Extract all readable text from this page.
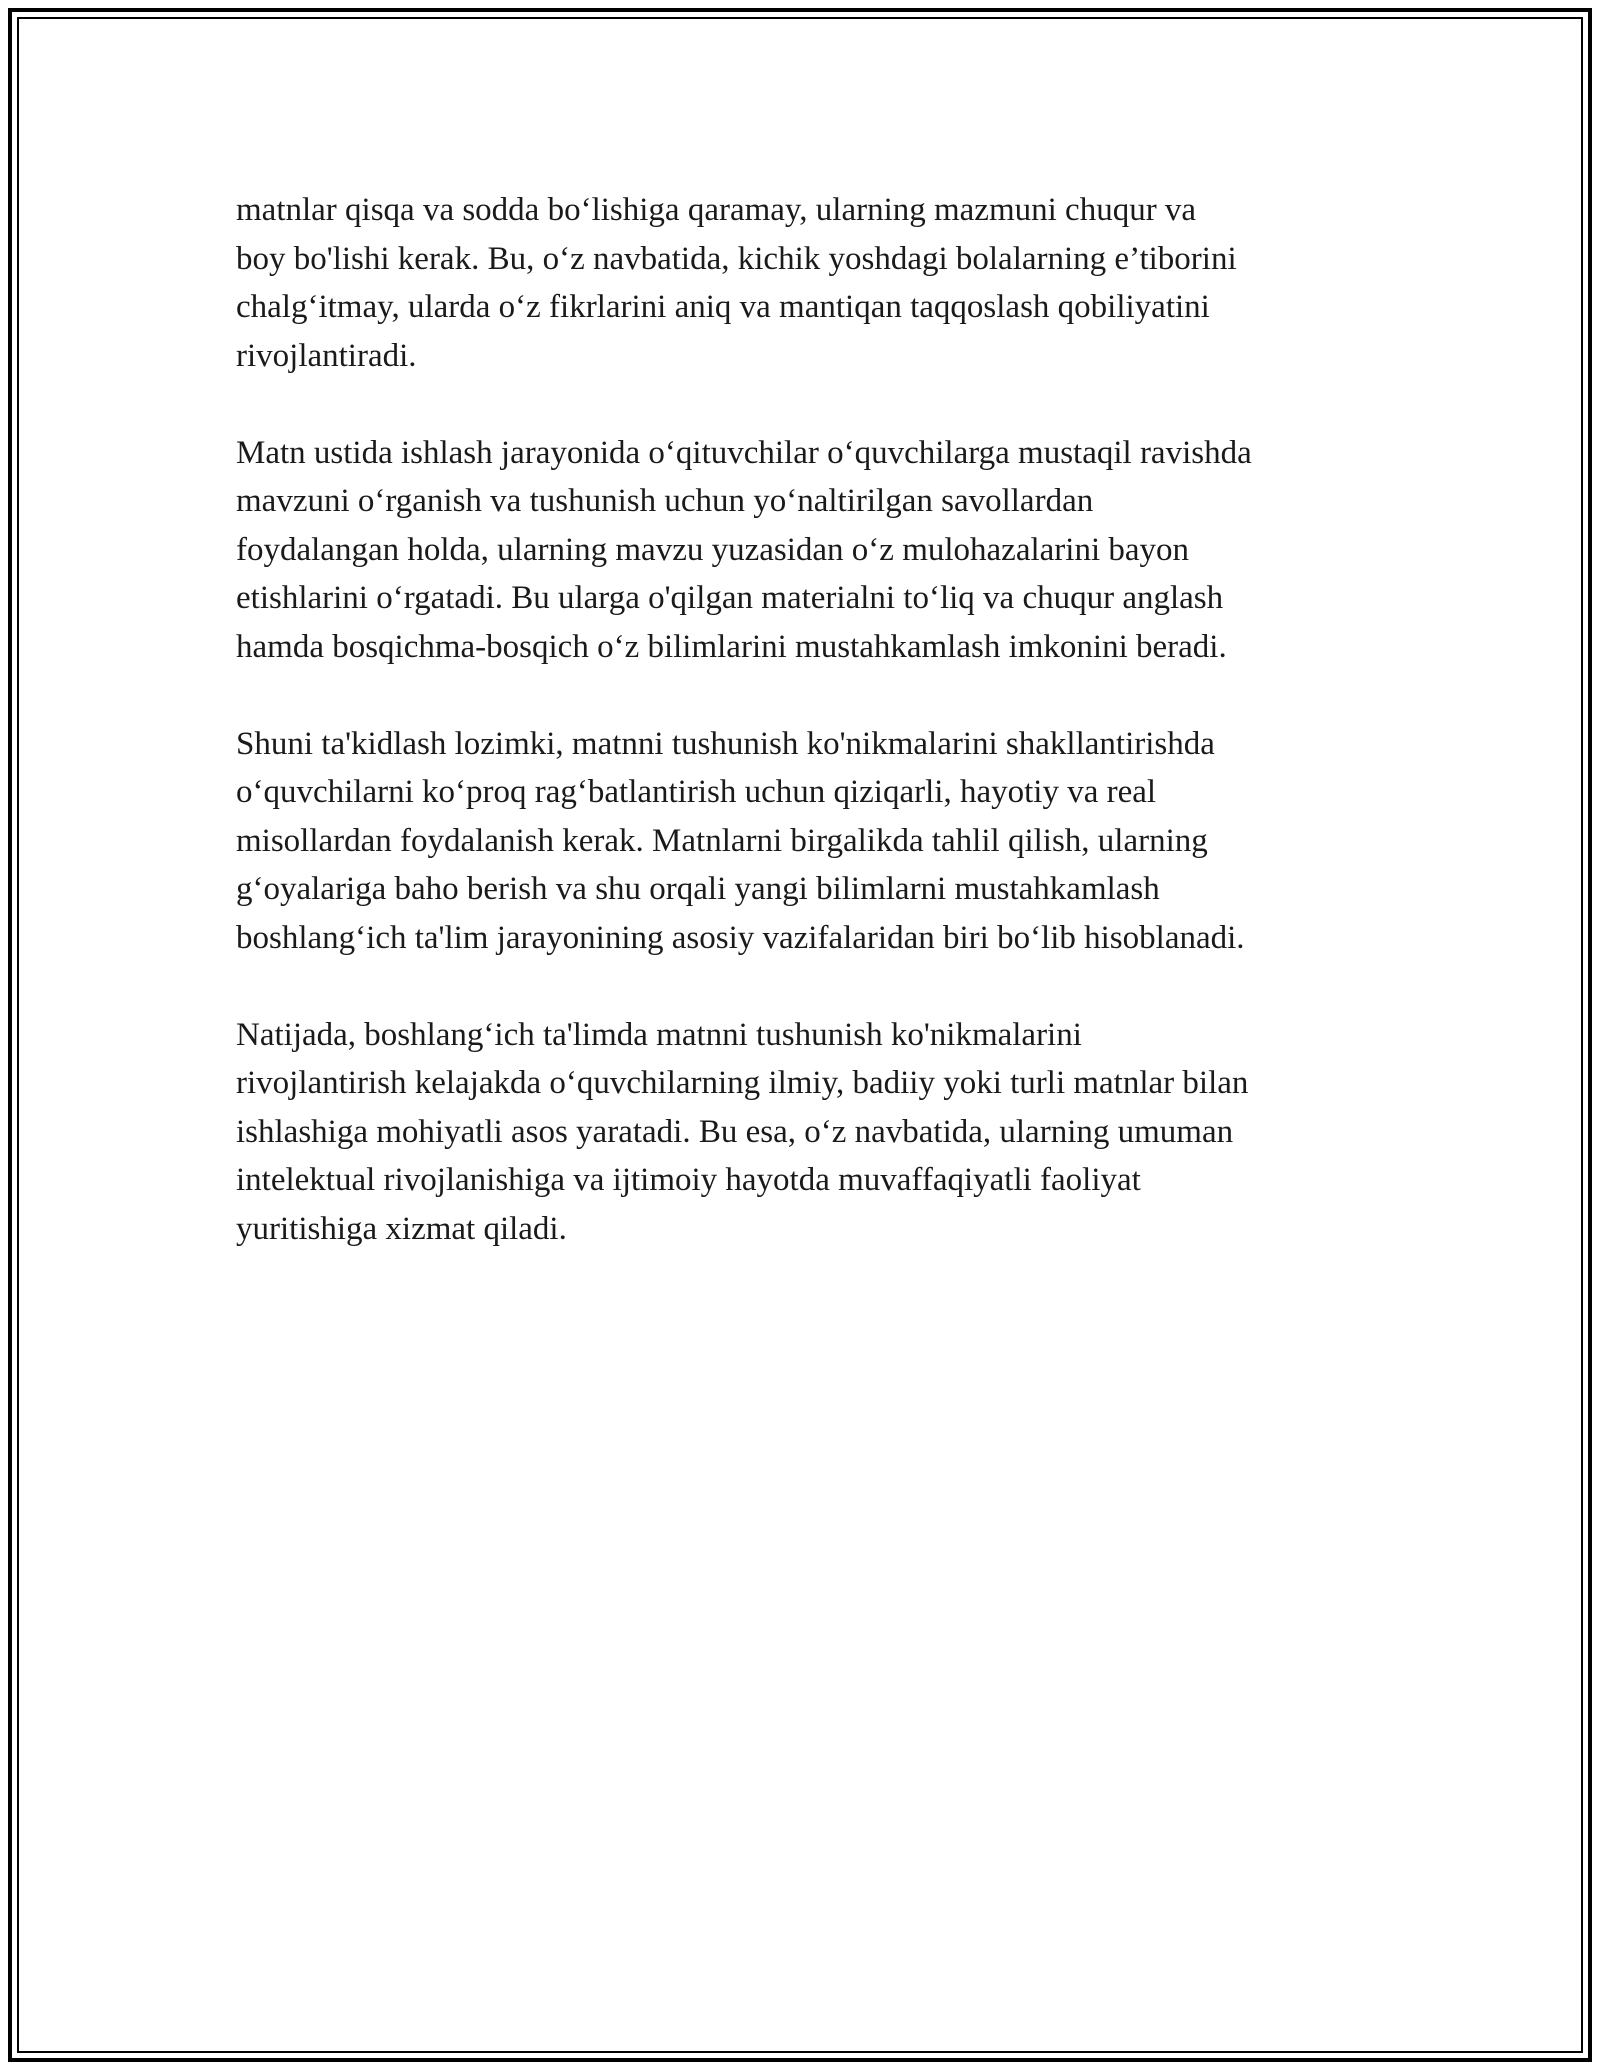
matnlar qisqa va sodda bo‘lishiga qaramay, ularning mazmuni chuqur va
boy bo'lishi kerak. Bu, o‘z navbatida, kichik yoshdagi bolalarning e’tiborini
chalg‘itmay, ularda o‘z fikrlarini aniq va mantiqan taqqoslash qobiliyatini
rivojlantiradi.

Matn ustida ishlash jarayonida o‘qituvchilar o‘quvchilarga mustaqil ravishda
mavzuni o‘rganish va tushunish uchun yo‘naltirilgan savollardan
foydalangan holda, ularning mavzu yuzasidan o‘z mulohazalarini bayon
etishlarini o‘rgatadi. Bu ularga o'qilgan materialni to‘liq va chuqur anglash
hamda bosqichma-bosqich o‘z bilimlarini mustahkamlash imkonini beradi.

Shuni ta'kidlash lozimki, matnni tushunish ko'nikmalarini shakllantirishda
o‘quvchilarni ko‘proq rag‘batlantirish uchun qiziqarli, hayotiy va real
misollardan foydalanish kerak. Matnlarni birgalikda tahlil qilish, ularning
g‘oyalariga baho berish va shu orqali yangi bilimlarni mustahkamlash
boshlang‘ich ta'lim jarayonining asosiy vazifalaridan biri bo‘lib hisoblanadi.

Natijada, boshlang‘ich ta'limda matnni tushunish ko'nikmalarini
rivojlantirish kelajakda o‘quvchilarning ilmiy, badiiy yoki turli matnlar bilan
ishlashiga mohiyatli asos yaratadi. Bu esa, o‘z navbatida, ularning umuman
intelektual rivojlanishiga va ijtimoiy hayotda muvaffaqiyatli faoliyat
yuritishiga xizmat qiladi.
